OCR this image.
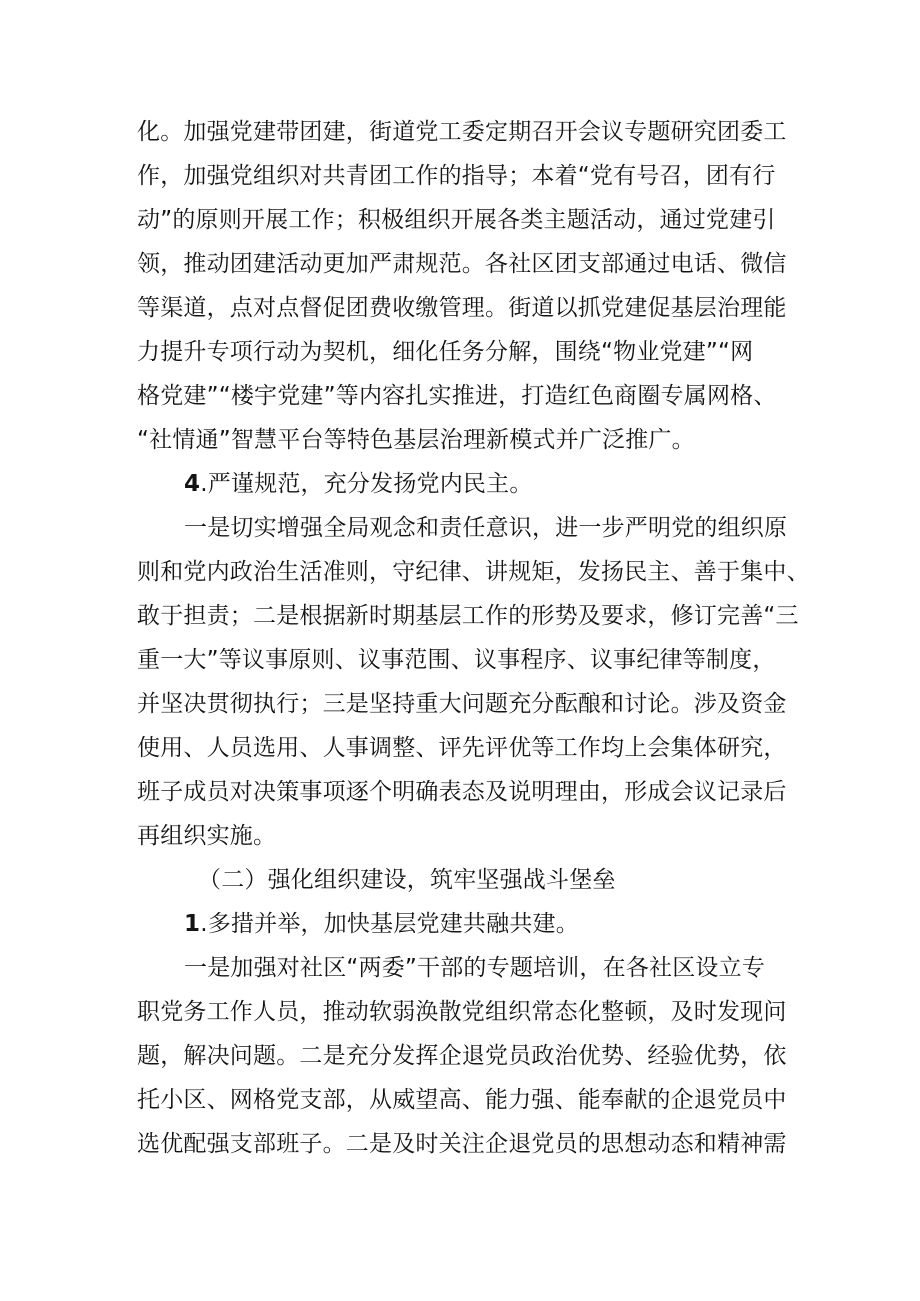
化。加强党建带团建，街道党工委定期召开会议专题研究团委工
作，加强党组织对共青团工作的指导；本着“党有号召，团有行
动”的原则开展工作；积极组织开展各类主题活动，通过党建引
领，推动团建活动更加严肃规范。各社区团支部通过电话、微信
等渠道，点对点督促团费收缴管理。街道以抓党建促基层治理能
力提升专项行动为契机，细化任务分解，围绕“物业党建”“网
格党建”“楼宇党建”等内容扎实推进，打造红色商圈专属网格、
“社情通”智慧平台等特色基层治理新模式并广泛推广。
4.严谨规范，充分发扬党内民主。
一是切实增强全局观念和责任意识，进一步严明党的组织原
则和党内政治生活准则，守纪律、讲规矩，发扬民主、善于集中、
敢于担责；二是根据新时期基层工作的形势及要求，修订完善“三
重一大”等议事原则、议事范围、议事程序、议事纪律等制度，
并坚决贯彻执行；三是坚持重大问题充分酝酿和讨论。涉及资金
使用、人员选用、人事调整、评先评优等工作均上会集体研究，
班子成员对决策事项逐个明确表态及说明理由，形成会议记录后
再组织实施。
（二）强化组织建设，筑牢坚强战斗堡垒
1.多措并举，加快基层党建共融共建。
一是加强对社区“两委”干部的专题培训，在各社区设立专
职党务工作人员，推动软弱涣散党组织常态化整顿，及时发现问
题，解决问题。二是充分发挥企退党员政治优势、经验优势，依
托小区、网格党支部，从威望高、能力强、能奉献的企退党员中
选优配强支部班子。二是及时关注企退党员的思想动态和精神需
